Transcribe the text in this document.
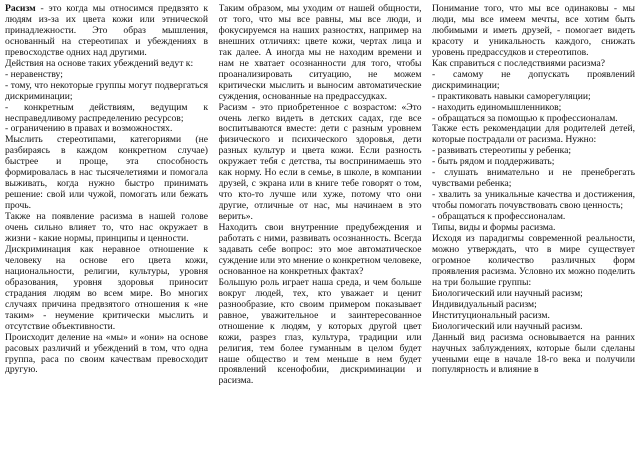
Расизм - это когда мы относимся предвзято к людям из-за их цвета кожи или этнической принадлежности. Это образ мышления, основанный на стереотипах и убеждениях в превосходстве одних над другими.

Действия на основе таких убеждений ведут к:

- неравенству;

- тому, что некоторые группы могут подвергаться дискриминации;

- конкретным действиям, ведущим к несправедливому распределению ресурсов;

- ограничению в правах и возможностях.

Мыслить стереотипами, категориями (не разбираясь в каждом конкретном случае) быстрее и проще, эта способность формировалась в нас тысячелетиями и помогала выживать, когда нужно быстро принимать решение: свой или чужой, помогать или бежать прочь.

Также на появление расизма в нашей голове очень сильно влияет то, что нас окружает в жизни - какие нормы, принципы и ценности.

Дискриминация как неравное отношение к человеку на основе его цвета кожи, национальности, религии, культуры, уровня образования, уровня здоровья приносит страдания людям во всем мире. Во многих случаях причина предвзятого отношения к «не таким» - неумение критически мыслить и отсутствие объективности.

Происходит деление на «мы» и «они» на основе расовых различий и убеждений в том, что одна группа, раса по своим качествам превосходит другую.

Таким образом, мы уходим от нашей общности, от того, что мы все равны, мы все люди, и фокусируемся на наших разностях, например на внешних отличиях: цвете кожи, чертах лица и так далее. А иногда мы не находим времени и нам не хватает осознанности для того, чтобы проанализировать ситуацию, не можем критически мыслить и выносим автоматические суждения, основанные на предрассудках.

Расизм - это приобретенное с возрастом: «Это очень легко видеть в детских садах, где все воспитываются вместе: дети с разным уровнем физического и психического здоровья, дети разных культур и цвета кожи. Если разность окружает тебя с детства, ты воспринимаешь это как норму. Но если в семье, в школе, в компании друзей, с экрана или в книге тебе говорят о том, что кто-то лучше или хуже, потому что они другие, отличные от нас, мы начинаем в это верить».

Находить свои внутренние предубеждения и работать с ними, развивать осознанность. Всегда задавать себе вопрос: это мое автоматическое суждение или это мнение о конкретном человеке, основанное на конкретных фактах?

Большую роль играет наша среда, и чем больше вокруг людей, тех, кто уважает и ценит разнообразие, кто своим примером показывает равное, уважительное и заинтересованное отношение к людям, у которых другой цвет кожи, разрез глаз, культура, традиции или религия, тем более гуманным в целом будет наше общество и тем меньше в нем будет проявлений ксенофобии, дискриминации и расизма.

Понимание того, что мы все одинаковы - мы люди, мы все имеем мечты, все хотим быть любимыми и иметь друзей, - помогает видеть красоту и уникальность каждого, снижать уровень предрассудков и стереотипов.

Как справиться с последствиями расизма?

- самому не допускать проявлений дискриминации;

- практиковать навыки саморегуляции;

- находить единомышленников;

- обращаться за помощью к профессионалам.

Также есть рекомендации для родителей детей, которые пострадали от расизма. Нужно:

- развивать стереотипы у ребенка;

- быть рядом и поддерживать;

- слушать внимательно и не пренебрегать чувствами ребенка;

- хвалить за уникальные качества и достижения, чтобы помогать почувствовать свою ценность;

- обращаться к профессионалам.

Типы, виды и формы расизма.

Исходя из парадигмы современной реальности, можно утверждать, что в мире существует огромное количество различных форм проявления расизма. Условно их можно поделить на три большие группы:

Биологический или научный расизм;

Индивидуальный расизм;

Институциональный расизм.

Биологический или научный расизм.

Данный вид расизма основывается на ранних научных заблуждениях, которые были сделаны учеными еще в начале 18-го века и получили популярность и влияние в
